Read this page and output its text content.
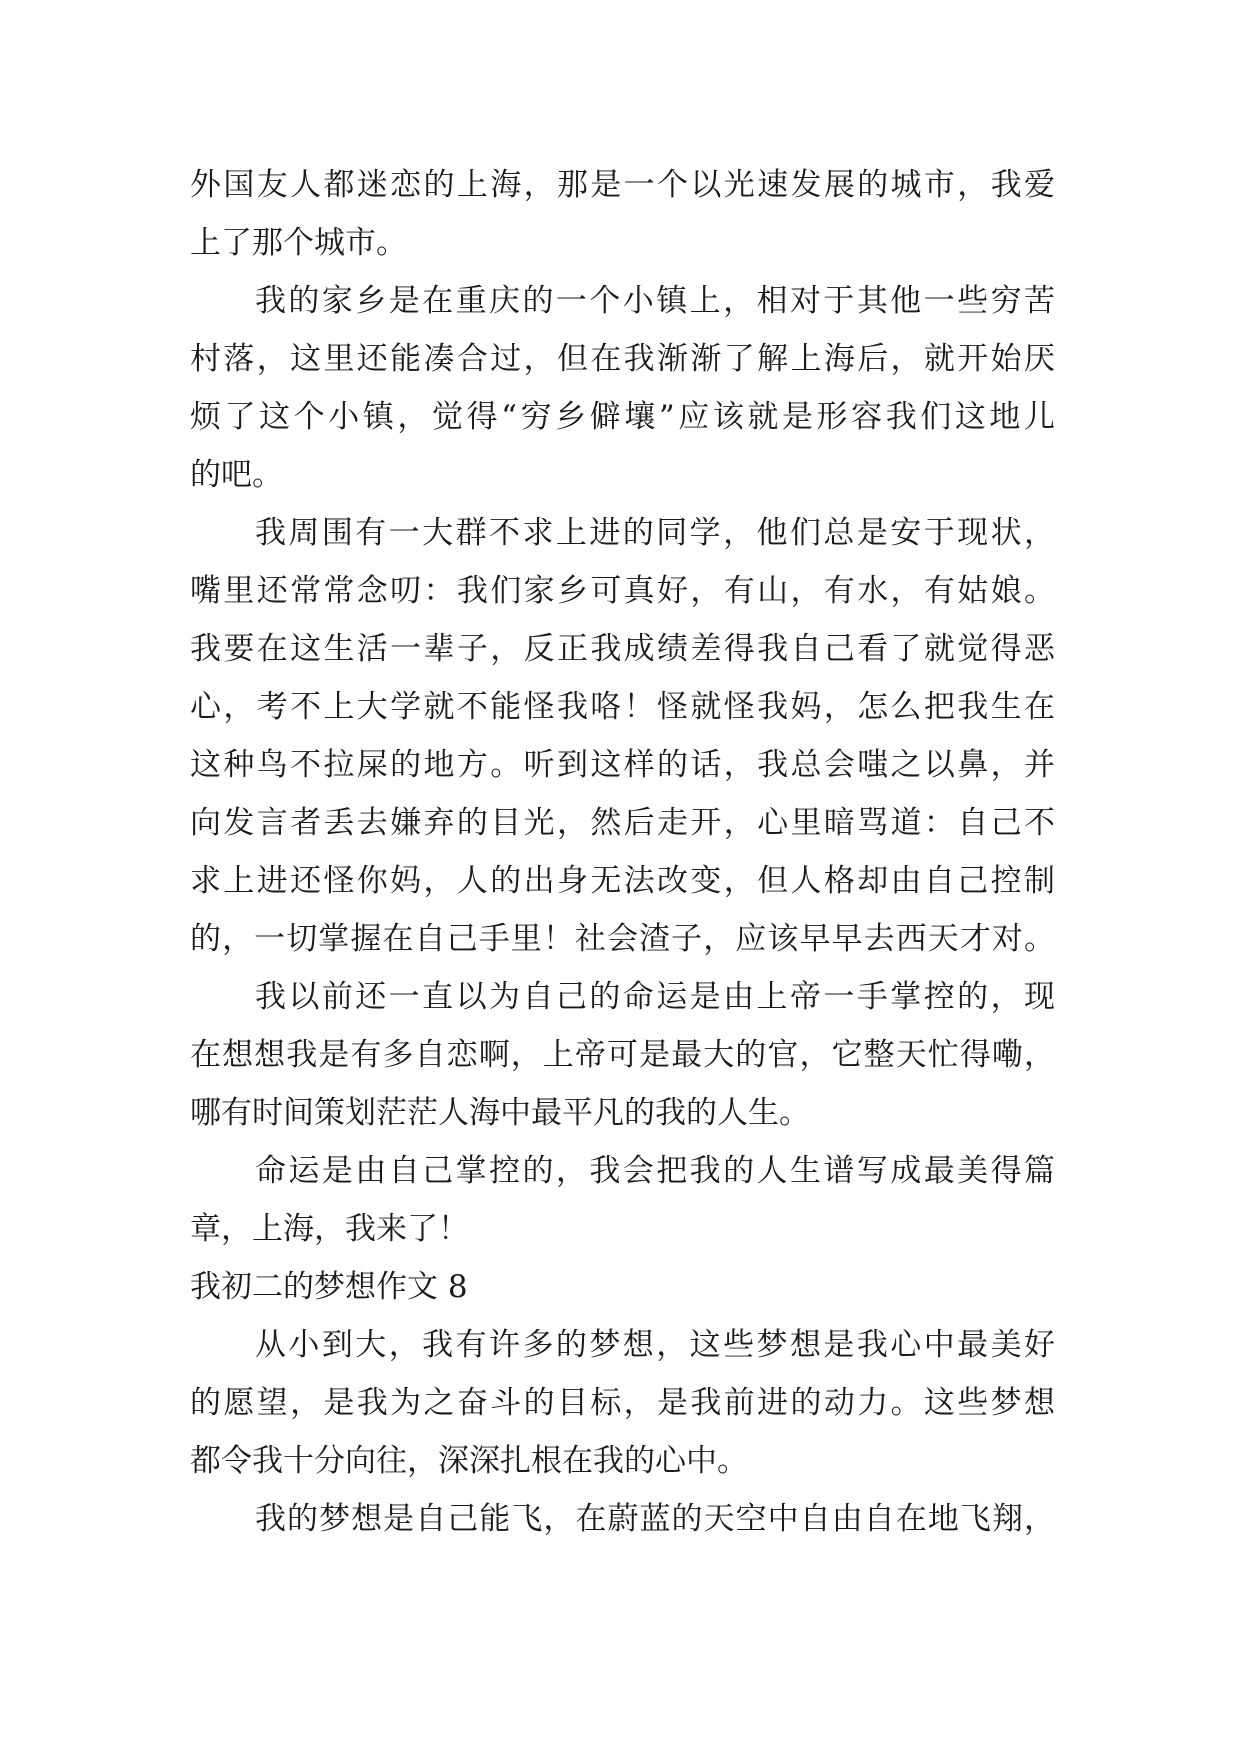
外国友人都迷恋的上海，那是一个以光速发展的城市，我爱
上了那个城市。
我的家乡是在重庆的一个小镇上，相对于其他一些穷苦
村落，这里还能凑合过，但在我渐渐了解上海后，就开始厌
烦了这个小镇，觉得“穷乡僻壤”应该就是形容我们这地儿
的吧。
我周围有一大群不求上进的同学，他们总是安于现状，
嘴里还常常念叨：我们家乡可真好，有山，有水，有姑娘。
我要在这生活一辈子，反正我成绩差得我自己看了就觉得恶
心，考不上大学就不能怪我咯！怪就怪我妈，怎么把我生在
这种鸟不拉屎的地方。听到这样的话，我总会嗤之以鼻，并
向发言者丢去嫌弃的目光，然后走开，心里暗骂道：自己不
求上进还怪你妈，人的出身无法改变，但人格却由自己控制
的，一切掌握在自己手里！社会渣子，应该早早去西天才对。
我以前还一直以为自己的命运是由上帝一手掌控的，现
在想想我是有多自恋啊，上帝可是最大的官，它整天忙得嘞，
哪有时间策划茫茫人海中最平凡的我的人生。
命运是由自己掌控的，我会把我的人生谱写成最美得篇
章，上海，我来了！
我初二的梦想作文 8
从小到大，我有许多的梦想，这些梦想是我心中最美好
的愿望，是我为之奋斗的目标，是我前进的动力。这些梦想
都令我十分向往，深深扎根在我的心中。
我的梦想是自己能飞，在蔚蓝的天空中自由自在地飞翔，
